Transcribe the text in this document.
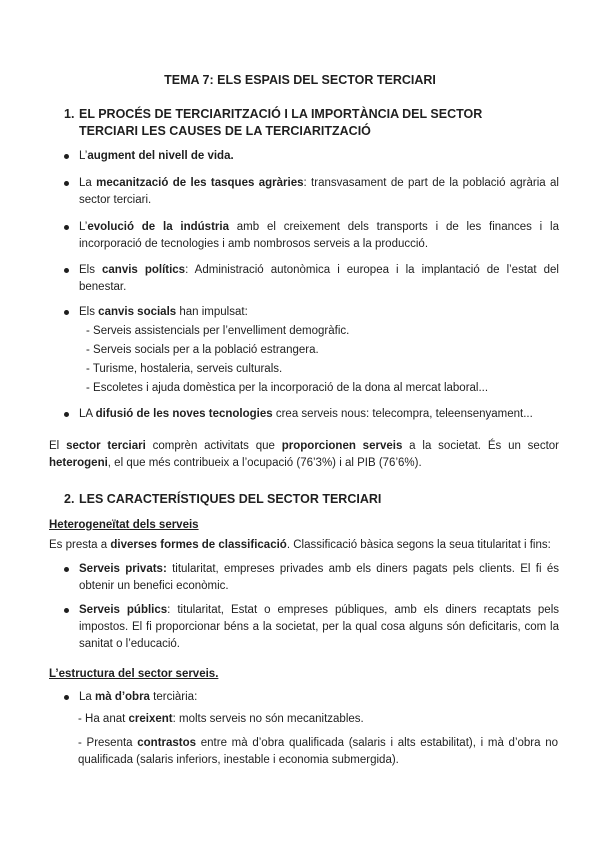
TEMA 7: ELS ESPAIS DEL SECTOR TERCIARI
1. EL PROCÉS DE TERCIARITZACIÓ I LA IMPORTÀNCIA DEL SECTOR TERCIARI LES CAUSES DE LA TERCIARITZACIÓ
L’augment del nivell de vida.
La mecanització de les tasques agràries: transvasament de part de la població agrària al sector terciari.
L’evolució de la indústria amb el creixement dels transports i de les finances i la incorporació de tecnologies i amb nombrosos serveis a la producció.
Els canvis polítics: Administració autonòmica i europea i la implantació de l’estat del benestar.
Els canvis socials han impulsat:
- Serveis assistencials per l’envelliment demogràfic.
- Serveis socials per a la població estrangera.
- Turisme, hostaleria, serveis culturals.
- Escoletes i ajuda domèstica per la incorporació de la dona al mercat laboral...
LA difusió de les noves tecnologies crea serveis nous: telecompra, teleensenyament...
El sector terciari comprèn activitats que proporcionen serveis a la societat. És un sector heterogeni, el que més contribueix a l’ocupació (76’3%) i al PIB (76’6%).
2. LES CARACTERÍSTIQUES DEL SECTOR TERCIARI
Heterogeneïtat dels serveis
Es presta a diverses formes de classificació. Classificació bàsica segons la seua titularitat i fins:
Serveis privats: titularitat, empreses privades amb els diners pagats pels clients. El fi és obtenir un benefici econòmic.
Serveis públics: titularitat, Estat o empreses públiques, amb els diners recaptats pels impostos. El fi proporcionar béns a la societat, per la qual cosa alguns són deficitaris, com la sanitat o l’educació.
L’estructura del sector serveis.
La mà d’obra terciària:
- Ha anat creixent: molts serveis no són mecanitzables.
- Presenta contrastos entre mà d’obra qualificada (salaris i alts estabilitat), i mà d’obra no qualificada (salaris inferiors, inestable i economia submergida).
